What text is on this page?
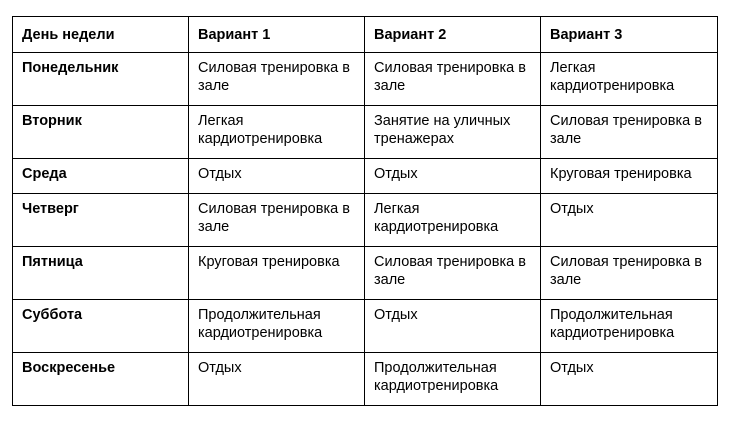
День недели	Вариант 1	Вариант 2	Вариант 3
Понедельник	Силовая тренировка в зале	Силовая тренировка в зале	Легкая кардиотренировка
Вторник	Легкая кардиотренировка	Занятие на уличных тренажерах	Силовая тренировка в зале
Среда	Отдых	Отдых	Круговая тренировка
Четверг	Силовая тренировка в зале	Легкая кардиотренировка	Отдых
Пятница	Круговая тренировка	Силовая тренировка в зале	Силовая тренировка в зале
Суббота	Продолжительная кардиотренировка	Отдых	Продолжительная кардиотренировка
Воскресенье	Отдых	Продолжительная кардиотренировка	Отдых
